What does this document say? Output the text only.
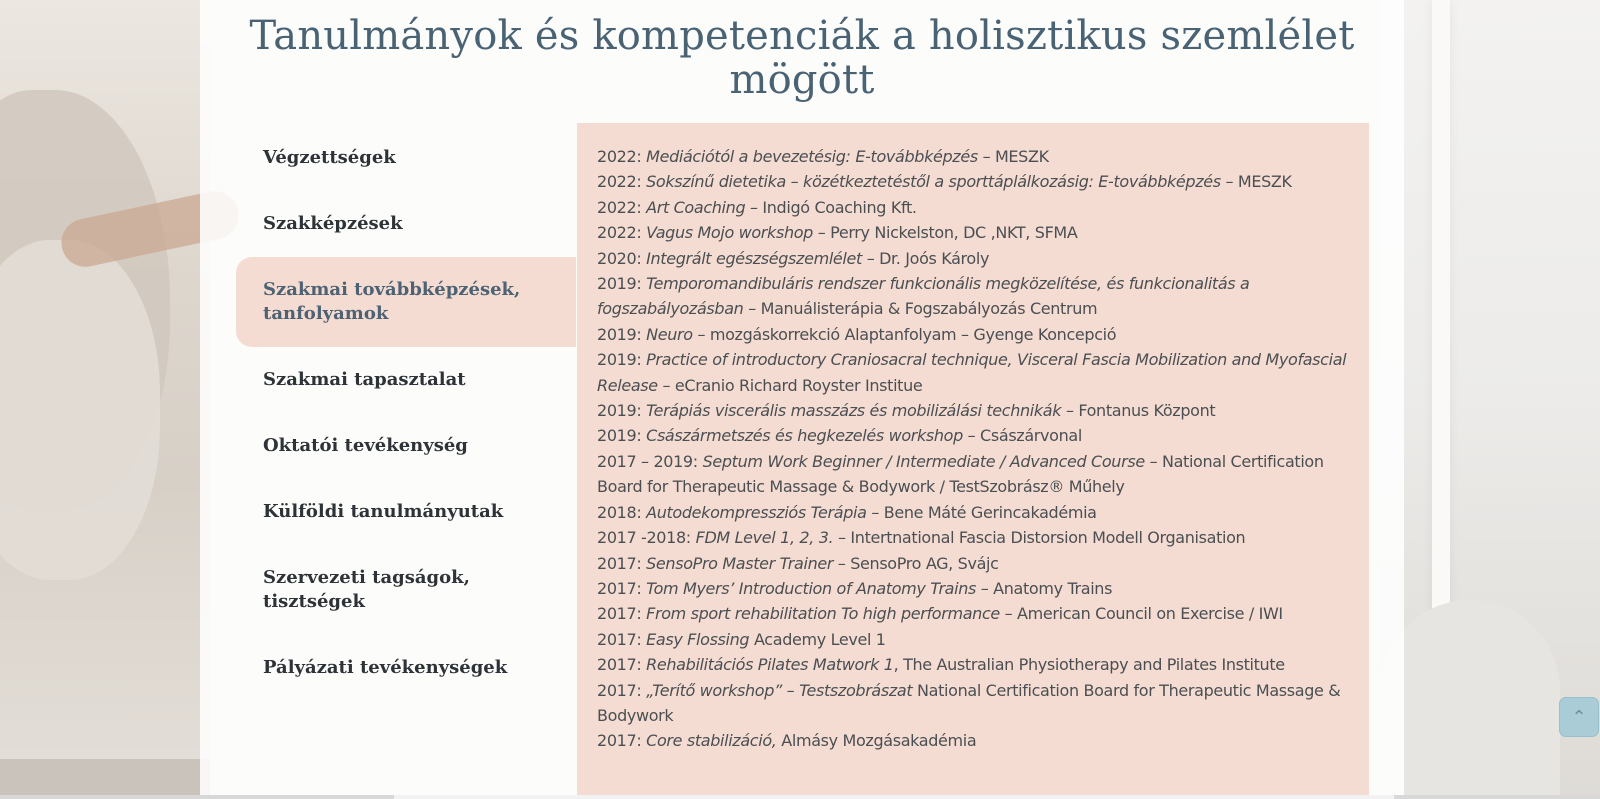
Tanulmányok és kompetenciák a holisztikus szemlélet mögött
Végzettségek
Szakképzések
Szakmai továbbképzések, tanfolyamok
Szakmai tapasztalat
Oktatói tevékenység
Külföldi tanulmányutak
Szervezeti tagságok, tisztségek
Pályázati tevékenységek

2022: Mediációtól a bevezetésig: E-továbbképzés – MESZK

2022: Sokszínű dietetika – közétkeztetéstől a sporttáplálkozásig: E-továbbképzés – MESZK

2022: Art Coaching – Indigó Coaching Kft.

2022: Vagus Mojo workshop – Perry Nickelston, DC ,NKT, SFMA

2020: Integrált egészségszemlélet – Dr. Joós Károly

2019: Temporomandibuláris rendszer funkcionális megközelítése, és funkcionalitás a fogszabályozásban – Manuálisterápia & Fogszabályozás Centrum

2019: Neuro – mozgáskorrekció Alaptanfolyam – Gyenge Koncepció

2019: Practice of introductory Craniosacral technique, Visceral Fascia Mobilization and Myofascial Release – eCranio Richard Royster Institue

2019: Terápiás viscerális masszázs és mobilizálási technikák – Fontanus Központ

2019: Császármetszés és hegkezelés workshop – Császárvonal

2017 – 2019: Septum Work Beginner / Intermediate / Advanced Course – National Certification Board for Therapeutic Massage & Bodywork / TestSzobrász® Műhely

2018: Autodekompressziós Terápia – Bene Máté Gerincakadémia

2017 -2018: FDM Level 1, 2, 3. – Intertnational Fascia Distorsion Modell Organisation

2017: SensoPro Master Trainer – SensoPro AG, Svájc

2017: Tom Myers’ Introduction of Anatomy Trains – Anatomy Trains

2017: From sport rehabilitation To high performance – American Council on Exercise / IWI

2017: Easy Flossing Academy Level 1

2017: Rehabilitációs Pilates Matwork 1, The Australian Physiotherapy and Pilates Institute

2017: „Terítő workshop” – Testszobrászat National Certification Board for Therapeutic Massage & Bodywork

2017: Core stabilizáció, Almásy Mozgásakadémia

⌃
